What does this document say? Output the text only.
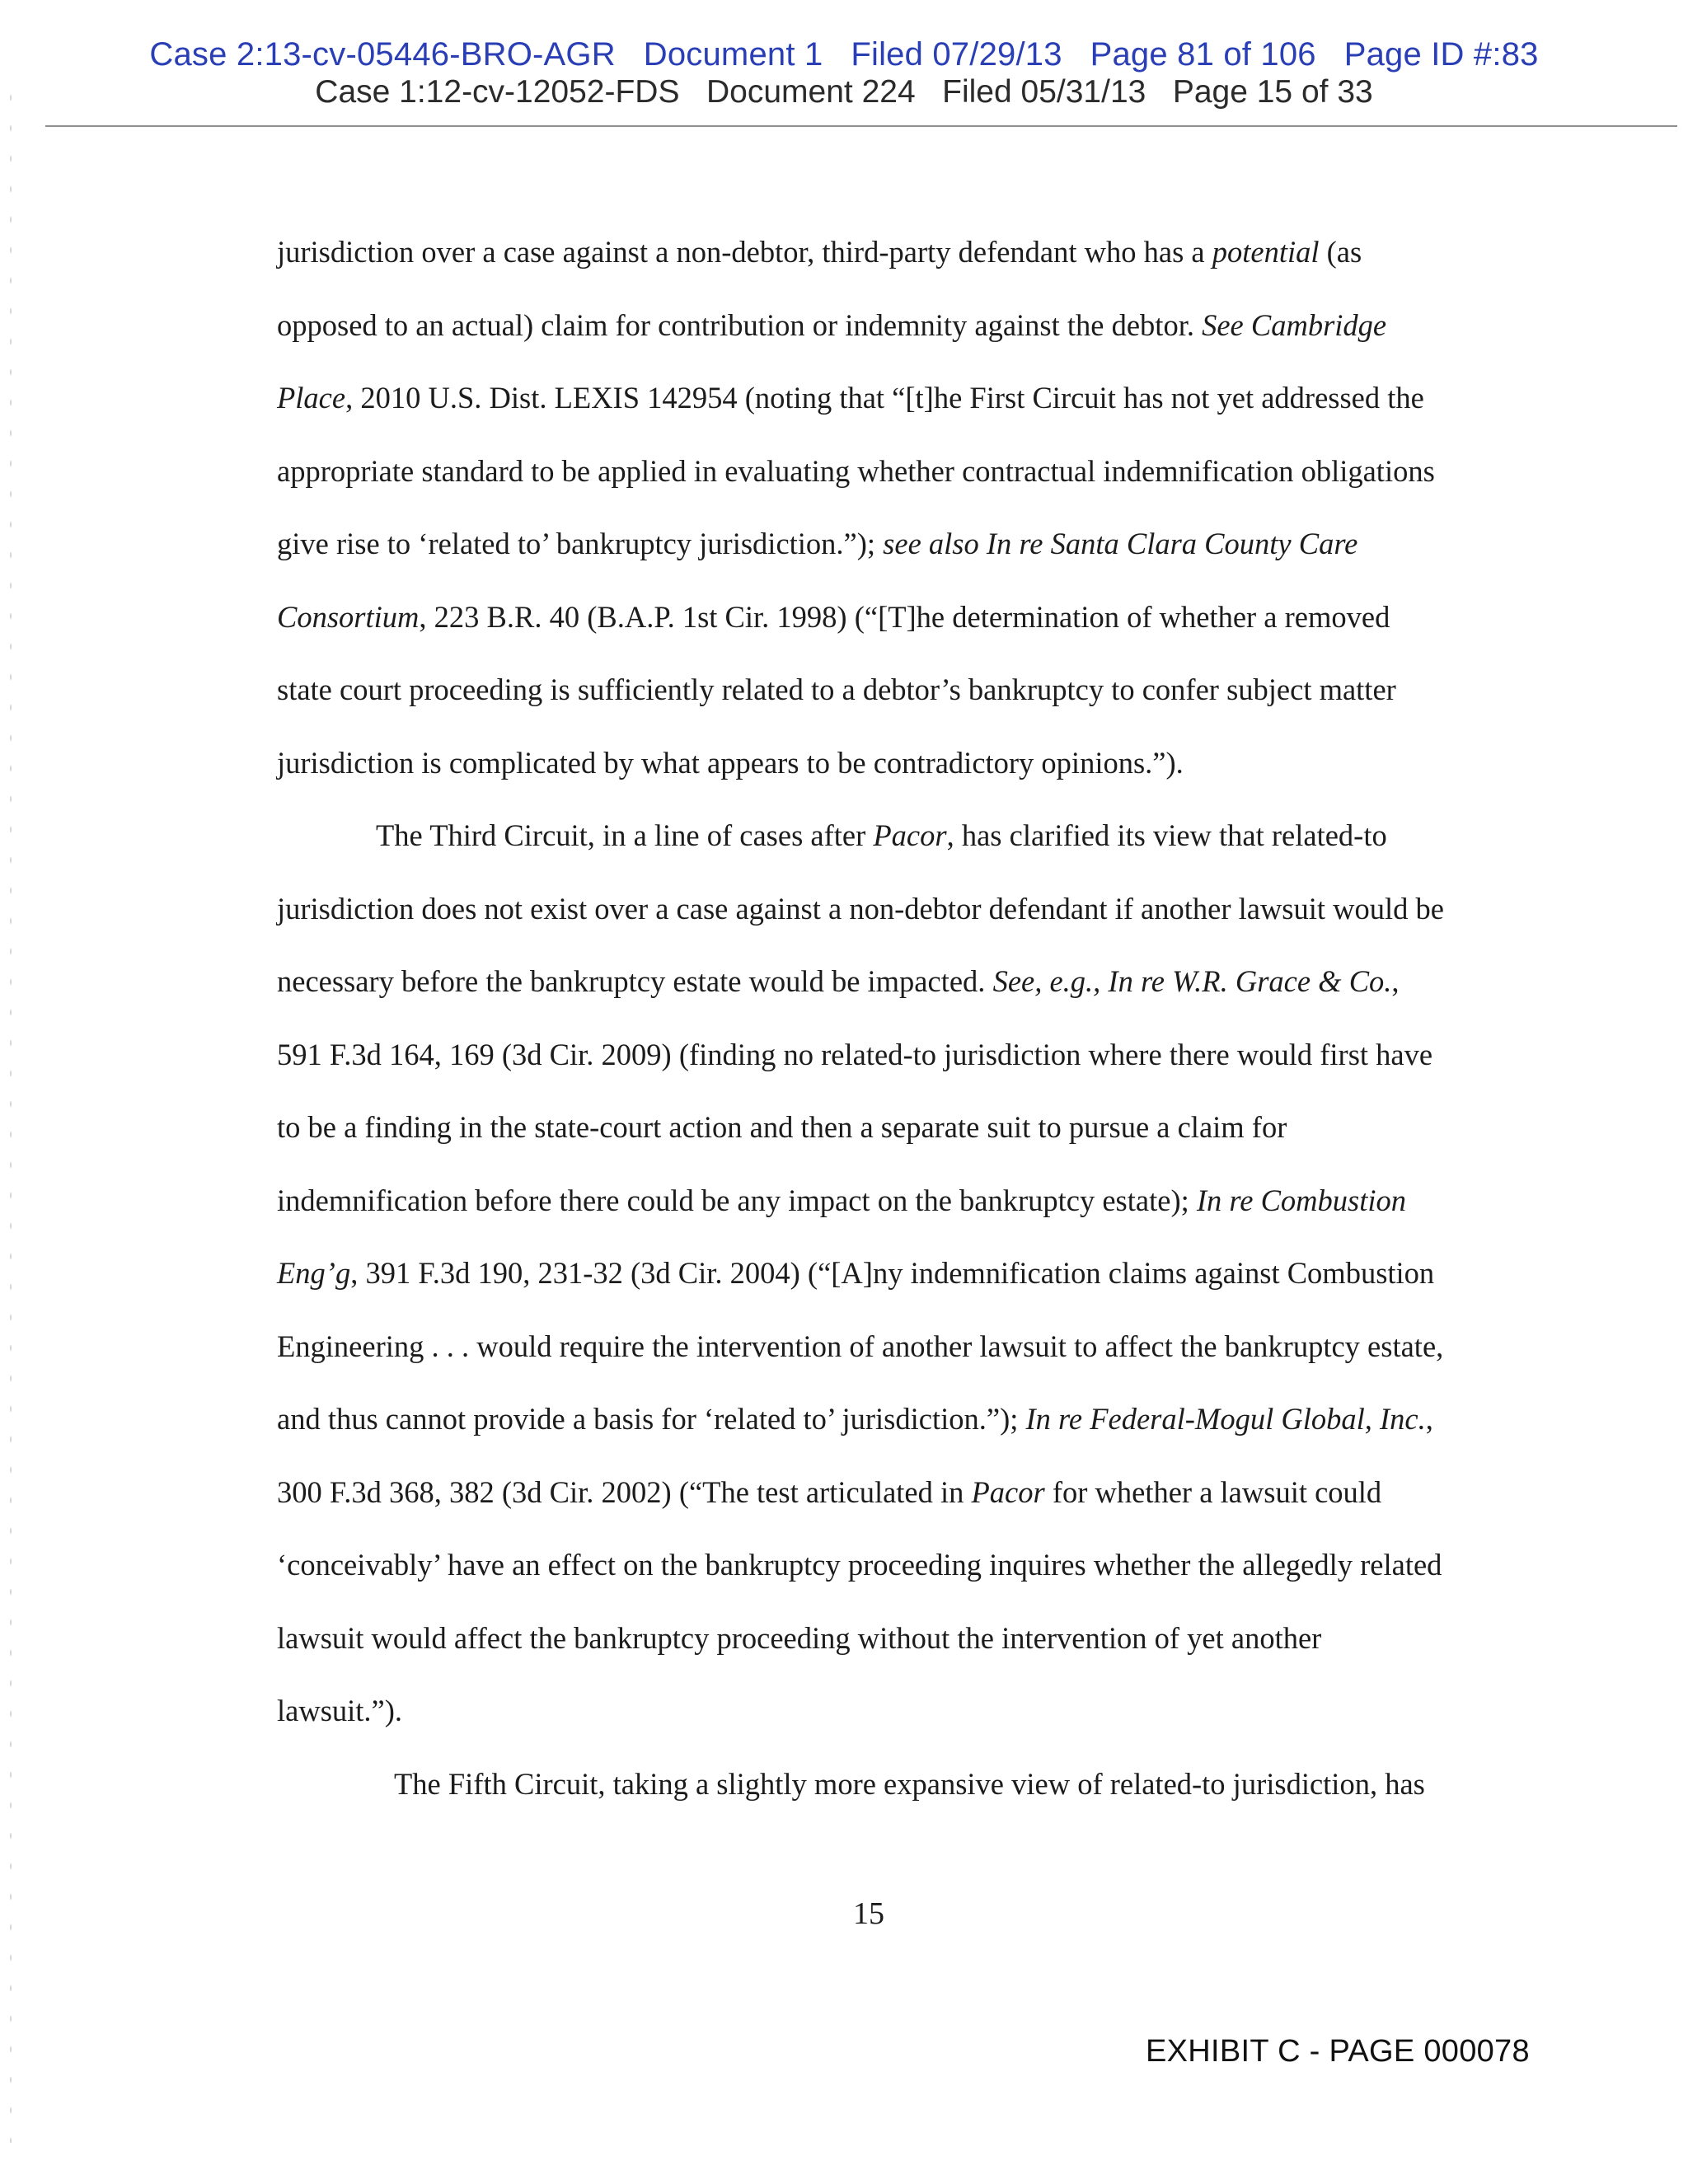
Case 2:13-cv-05446-BRO-AGR   Document 1   Filed 07/29/13   Page 81 of 106   Page ID #:83
Case 1:12-cv-12052-FDS   Document 224   Filed 05/31/13   Page 15 of 33
jurisdiction over a case against a non-debtor, third-party defendant who has a potential (as
opposed to an actual) claim for contribution or indemnity against the debtor. See Cambridge
Place, 2010 U.S. Dist. LEXIS 142954 (noting that “[t]he First Circuit has not yet addressed the
appropriate standard to be applied in evaluating whether contractual indemnification obligations
give rise to ‘related to’ bankruptcy jurisdiction.”); see also In re Santa Clara County Care
Consortium, 223 B.R. 40 (B.A.P. 1st Cir. 1998) (“[T]he determination of whether a removed
state court proceeding is sufficiently related to a debtor’s bankruptcy to confer subject matter
jurisdiction is complicated by what appears to be contradictory opinions.”).
The Third Circuit, in a line of cases after Pacor, has clarified its view that related-to
jurisdiction does not exist over a case against a non-debtor defendant if another lawsuit would be
necessary before the bankruptcy estate would be impacted. See, e.g., In re W.R. Grace & Co.,
591 F.3d 164, 169 (3d Cir. 2009) (finding no related-to jurisdiction where there would first have
to be a finding in the state-court action and then a separate suit to pursue a claim for
indemnification before there could be any impact on the bankruptcy estate); In re Combustion
Eng’g, 391 F.3d 190, 231-32 (3d Cir. 2004) (“[A]ny indemnification claims against Combustion
Engineering . . . would require the intervention of another lawsuit to affect the bankruptcy estate,
and thus cannot provide a basis for ‘related to’ jurisdiction.”); In re Federal-Mogul Global, Inc.,
300 F.3d 368, 382 (3d Cir. 2002) (“The test articulated in Pacor for whether a lawsuit could
‘conceivably’ have an effect on the bankruptcy proceeding inquires whether the allegedly related
lawsuit would affect the bankruptcy proceeding without the intervention of yet another
lawsuit.”).
The Fifth Circuit, taking a slightly more expansive view of related-to jurisdiction, has
15
EXHIBIT C - PAGE 000078
